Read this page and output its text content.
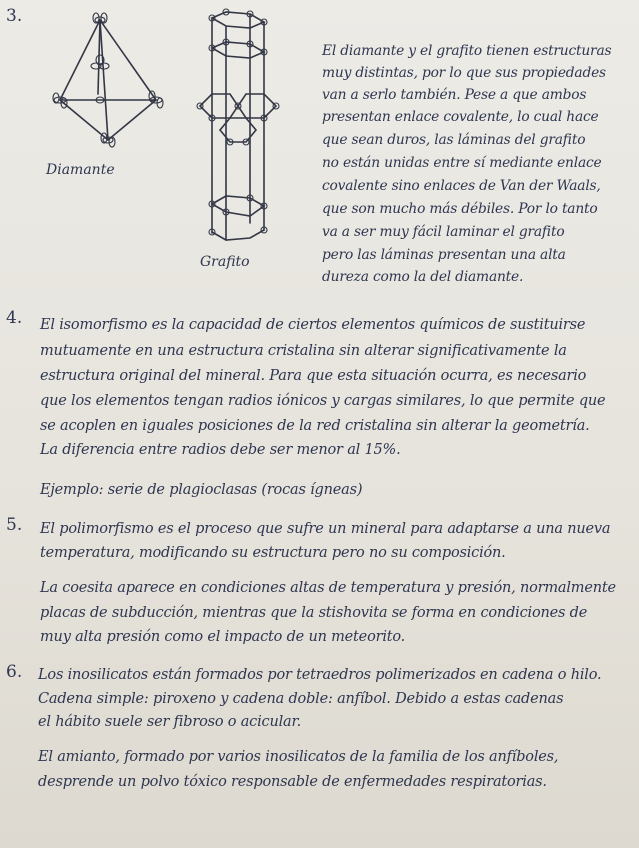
3.
Diamante
Grafito
El diamante y el grafito tienen estructuras
muy distintas, por lo que sus propiedades
van a serlo también. Pese a que ambos
presentan enlace covalente, lo cual hace
que sean duros, las láminas del grafito
no están unidas entre sí mediante enlace
covalente sino enlaces de Van der Waals,
que son mucho más débiles. Por lo tanto
va a ser muy fácil laminar el grafito
pero las láminas presentan una alta
dureza como la del diamante.
4. El isomorfismo es la capacidad de ciertos elementos químicos de sustituirse
mutuamente en una estructura cristalina sin alterar significativamente la
estructura original del mineral. Para que esta situación ocurra, es necesario
que los elementos tengan radios iónicos y cargas similares, lo que permite que
se acoplen en iguales posiciones de la red cristalina sin alterar la geometría.
La diferencia entre radios debe ser menor al 15%.
Ejemplo: serie de plagioclasas (rocas ígneas)
5. El polimorfismo es el proceso que sufre un mineral para adaptarse a una nueva
temperatura, modificando su estructura pero no su composición.
La coesita aparece en condiciones altas de temperatura y presión, normalmente
placas de subducción, mientras que la stishovita se forma en condiciones de
muy alta presión como el impacto de un meteorito.
6. Los inosilicatos están formados por tetraedros polimerizados en cadena o hilo.
Cadena simple: piroxeno y cadena doble: anfíbol. Debido a estas cadenas
el hábito suele ser fibroso o acicular.
El amianto, formado por varios inosilicatos de la familia de los anfíboles,
desprende un polvo tóxico responsable de enfermedades respiratorias.
